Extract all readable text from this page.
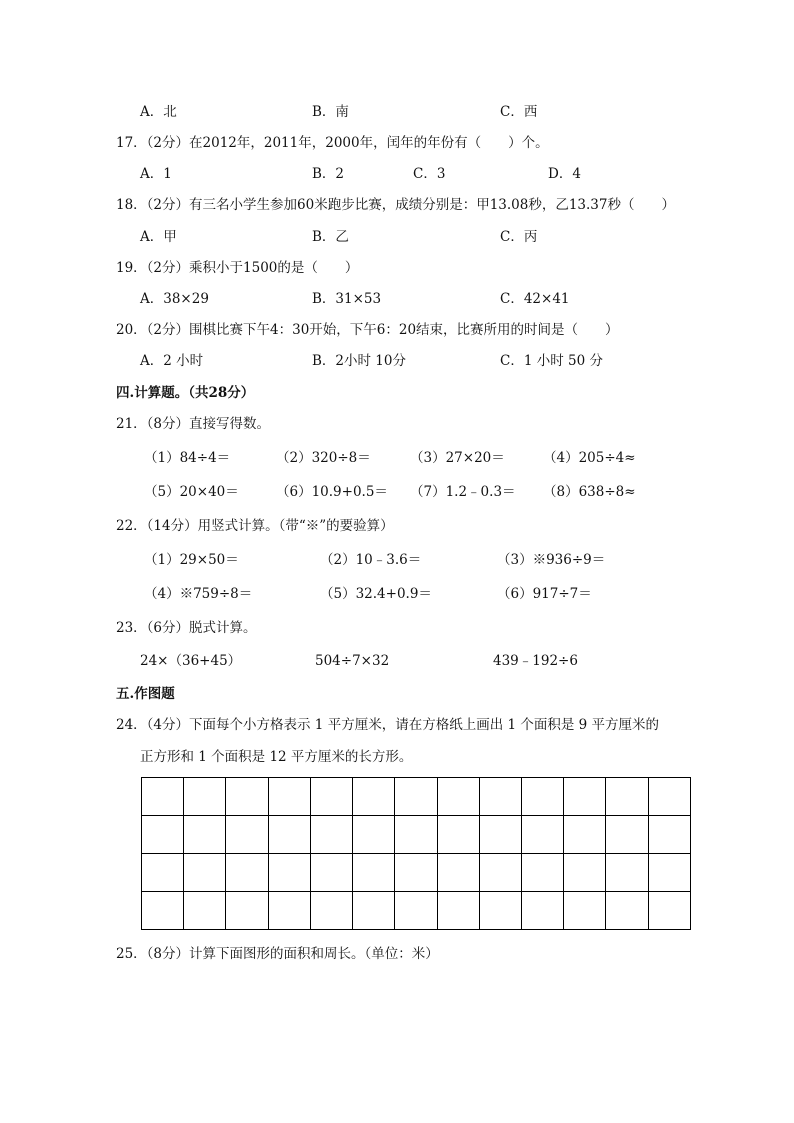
A．北	B．南	C．西
17．（2分）在2012年，2011年，2000年，闰年的年份有（　　）个。
A．1	B．2	C．3	D．4
18．（2分）有三名小学生参加60米跑步比赛，成绩分别是：甲13.08秒，乙13.37秒（　　）
A．甲	B．乙	C．丙
19．（2分）乘积小于1500的是（　　）
A．38×29	B．31×53	C．42×41
20．（2分）围棋比赛下午4：30开始，下午6：20结束，比赛所用的时间是（　　）
A．2 小时	B．2小时 10分	C．1 小时 50 分
四.计算题。（共28分）
21．（8分）直接写得数。
（1）84÷4＝	（2）320÷8＝	（3）27×20＝	（4）205÷4≈
（5）20×40＝	（6）10.9+0.5＝ （7）1.2﹣0.3＝ （8）638÷8≈
22．（14分）用竖式计算。（带“※”的要验算）
（1）29×50＝	（2）10﹣3.6＝	（3）※936÷9＝
（4）※759÷8＝	（5）32.4+0.9＝	（6）917÷7＝
23．（6分）脱式计算。
24×（36+45）	504÷7×32	439﹣192÷6
五.作图题
24．（4分）下面每个小方格表示 1 平方厘米，请在方格纸上画出 1 个面积是 9 平方厘米的
正方形和 1 个面积是 12 平方厘米的长方形。

25．（8分）计算下面图形的面积和周长。（单位：米）
